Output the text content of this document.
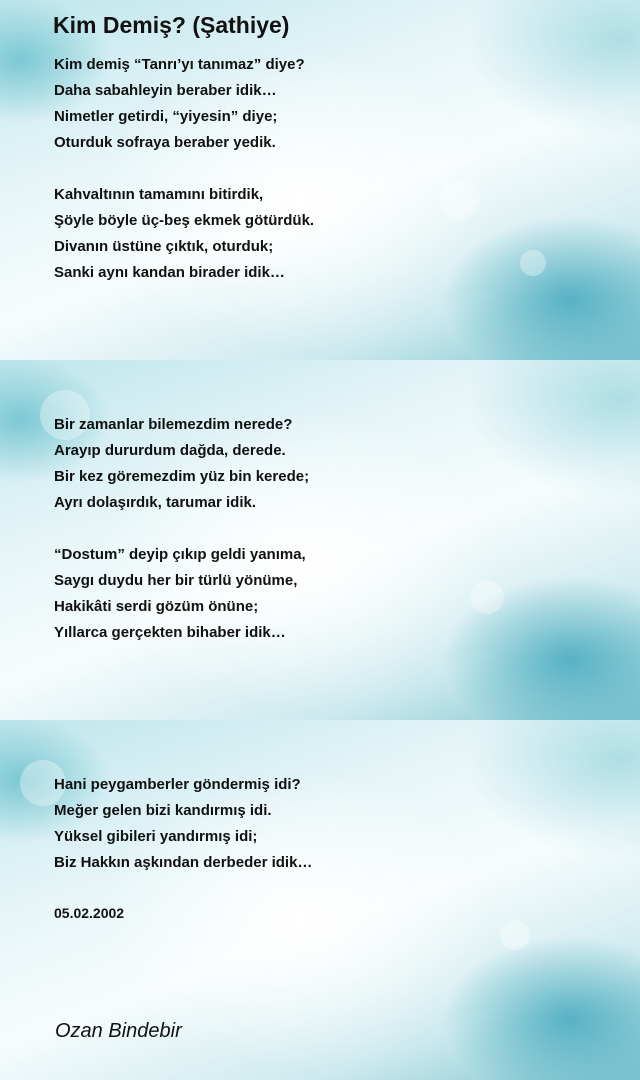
Kim Demiş? (Şathiye)
Kim demiş “Tanrı’yı tanımaz” diye?
Daha sabahleyin beraber idik…
Nimetler getirdi, “yiyesin” diye;
Oturduk sofraya beraber yedik.
Kahvaltının tamamını bitirdik,
Şöyle böyle üç-beş ekmek götürdük.
Divanın üstüne çıktık, oturduk;
Sanki aynı kandan birader idik…
Bir zamanlar bilemezdim nerede?
Arayıp dururdum dağda, derede.
Bir kez göremezdim yüz bin kerede;
Ayrı dolaşırdık, tarumar idik.
“Dostum” deyip çıkıp geldi yanıma,
Saygı duydu her bir türlü yönüme,
Hakikâti serdi gözüm önüne;
Yıllarca gerçekten bihaber idik…
Hani peygamberler göndermiş idi?
Meğer gelen bizi kandırmış idi.
Yüksel gibileri yandırmış idi;
Biz Hakkın aşkından derbeder idik…
05.02.2002
Ozan Bindebir
